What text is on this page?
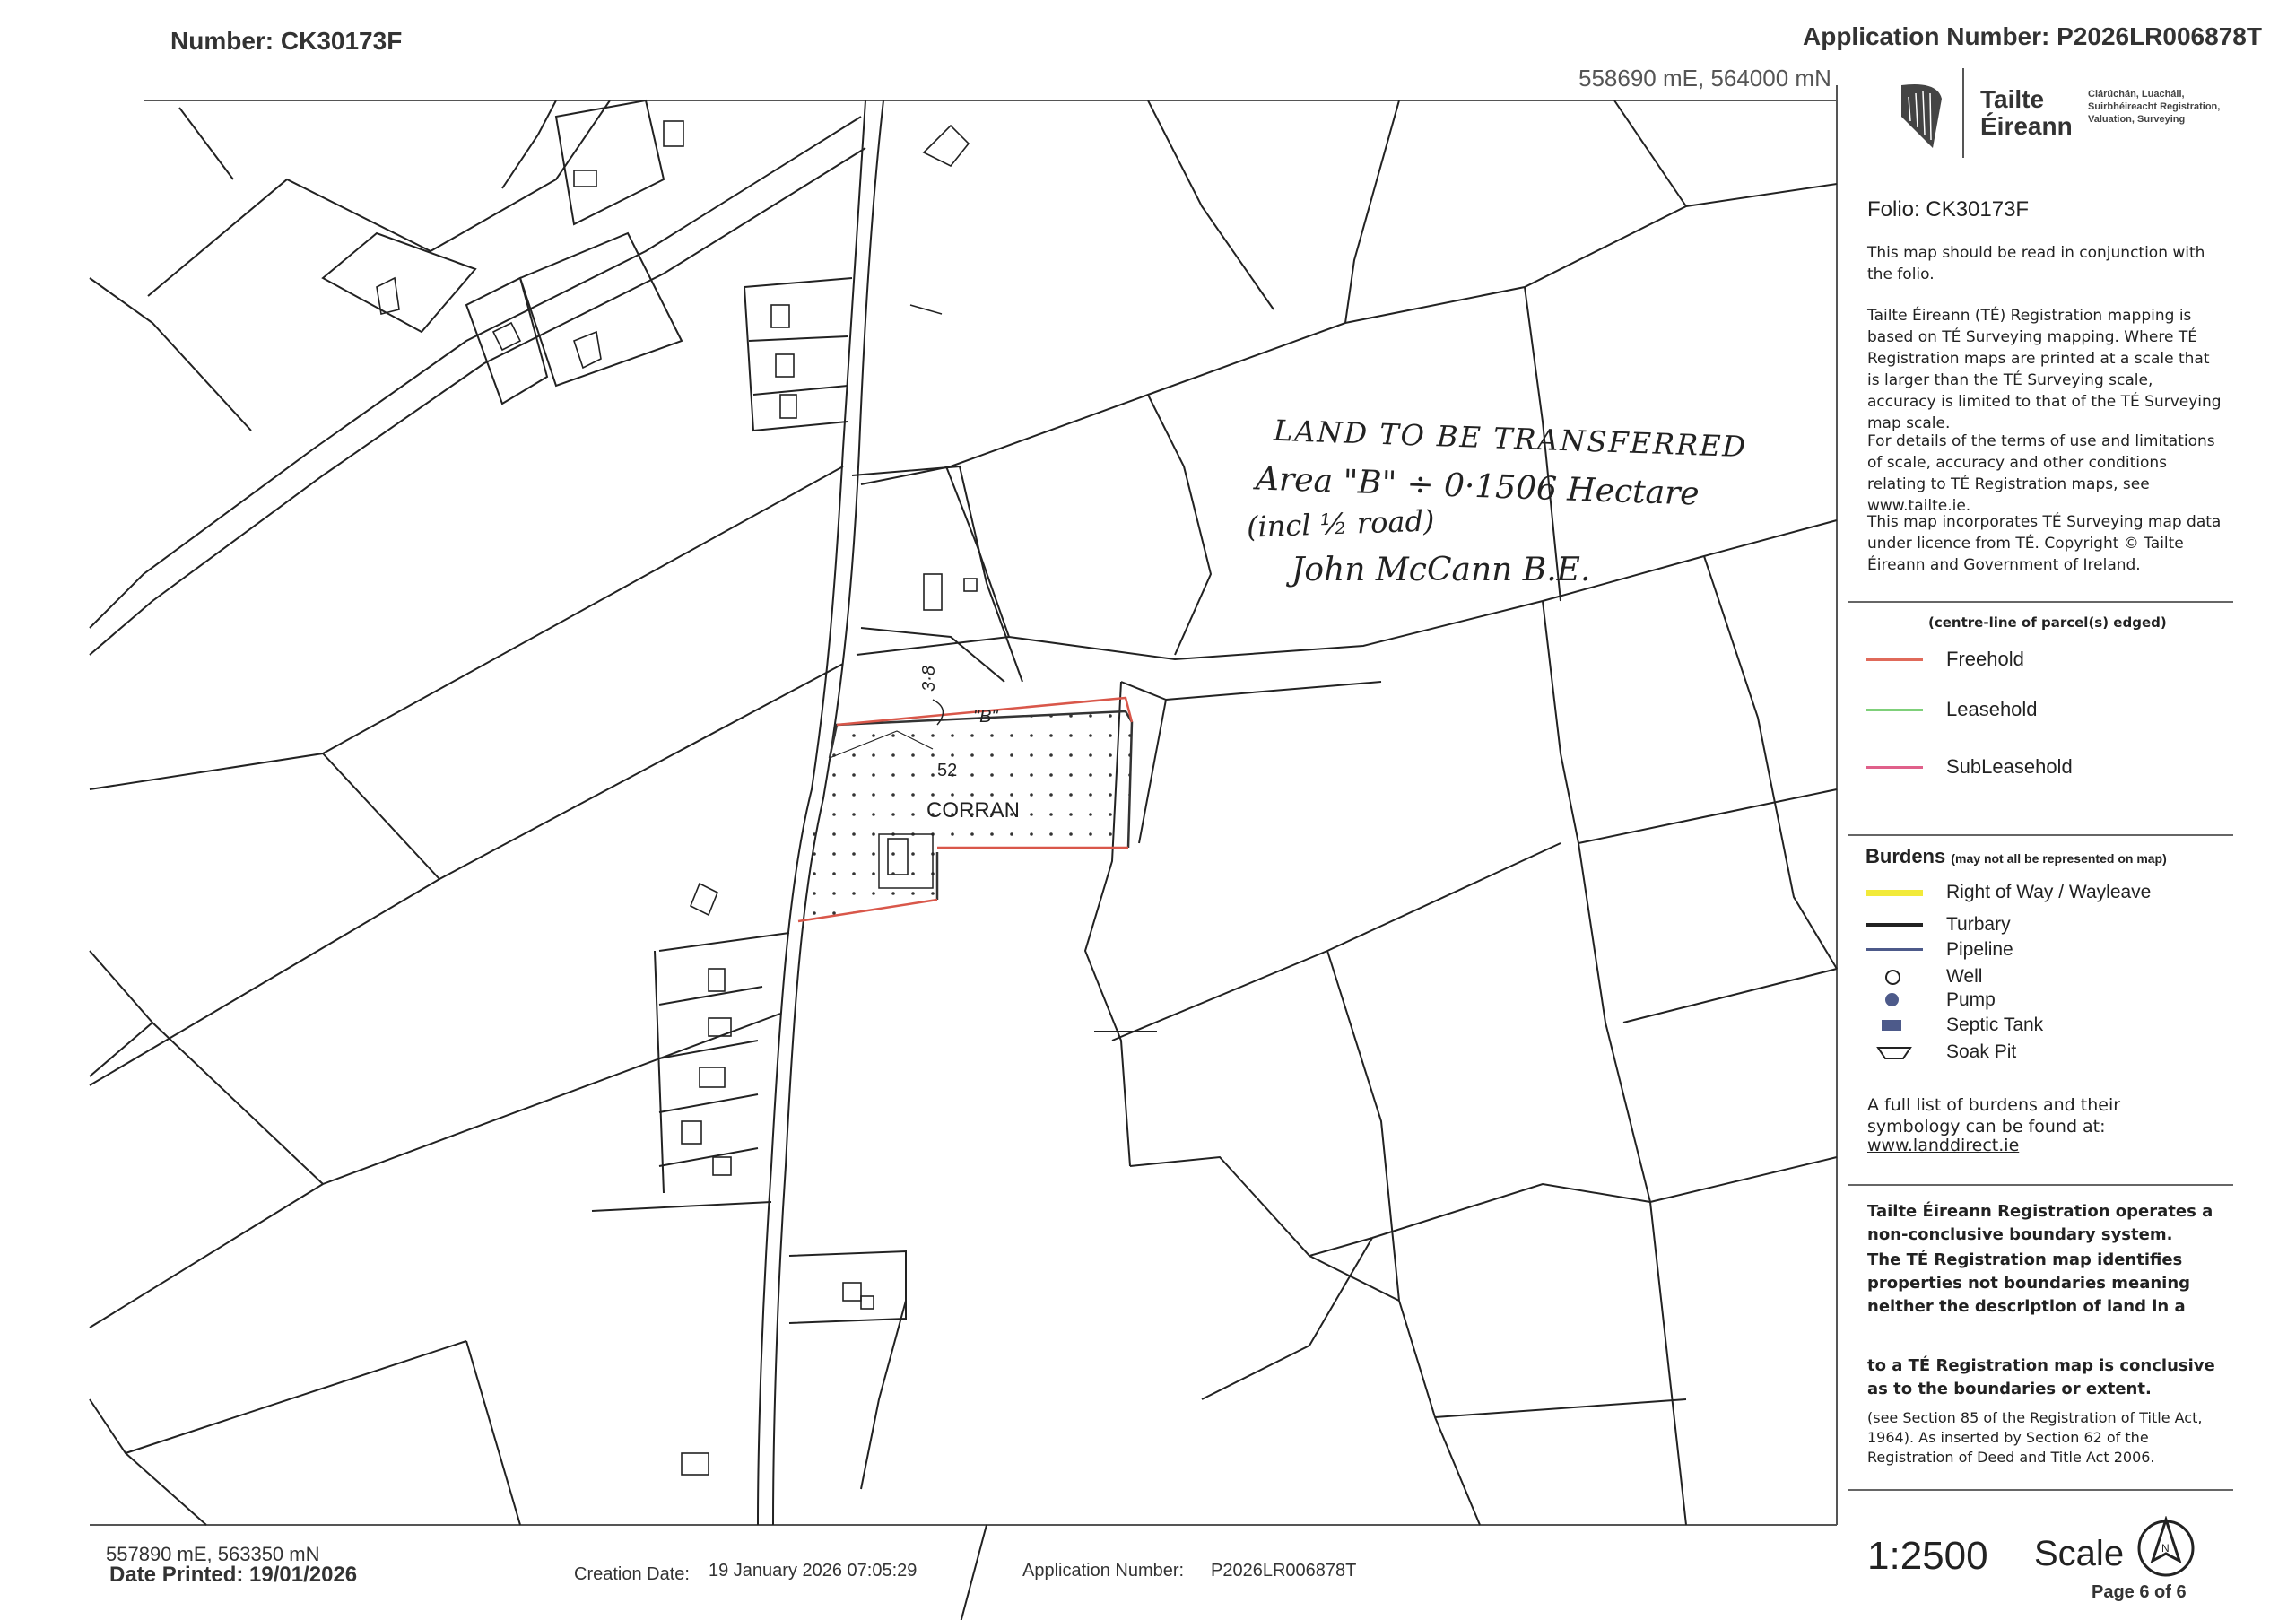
Number: CK30173F	Application Number: P2026LR006878T
558690 mE, 564000 mN
52
CORRAN
"B"
3·8
LAND TO BE TRANSFERRED
Area "B" ÷ 0·1506 Hectare
(incl ½ road)
John McCann B.E.
Tailte
Éireann
Clárúchán, Luacháil, Suirbhéireacht Registration, Valuation, Surveying
Folio: CK30173F

This map should be read in conjunction with the folio.

Tailte Éireann (TÉ) Registration mapping is based on TÉ Surveying mapping. Where TÉ Registration maps are printed at a scale that is larger than the TÉ Surveying scale, accuracy is limited to that of the TÉ Surveying map scale.

For details of the terms of use and limitations of scale, accuracy and other conditions relating to TÉ Registration maps, see www.tailte.ie.

This map incorporates TÉ Surveying map data under licence from TÉ. Copyright © Tailte Éireann and Government of Ireland.

(centre-line of parcel(s) edged)
Freehold
Leasehold
SubLeasehold
Burdens (may not all be represented on map)

A full list of burdens and their symbology can be found at:

www.landdirect.ie

Tailte Éireann Registration operates a non-conclusive boundary system.

The TÉ Registration map identifies properties not boundaries meaning neither the description of land in a

to a TÉ Registration map is conclusive as to the boundaries or extent.

(see Section 85 of the Registration of Title Act, 1964). As inserted by Section 62 of the Registration of Deed and Title Act 2006.

1:2500 Scale	N
Page 6 of 6
Right of Way / Wayleave
Turbary
Pipeline
Well
Pump
Septic Tank
Soak Pit
557890 mE, 563350 mN
Date Printed: 19/01/2026	Creation Date: 19 January 2026 07:05:29	Application Number: P2026LR006878T
